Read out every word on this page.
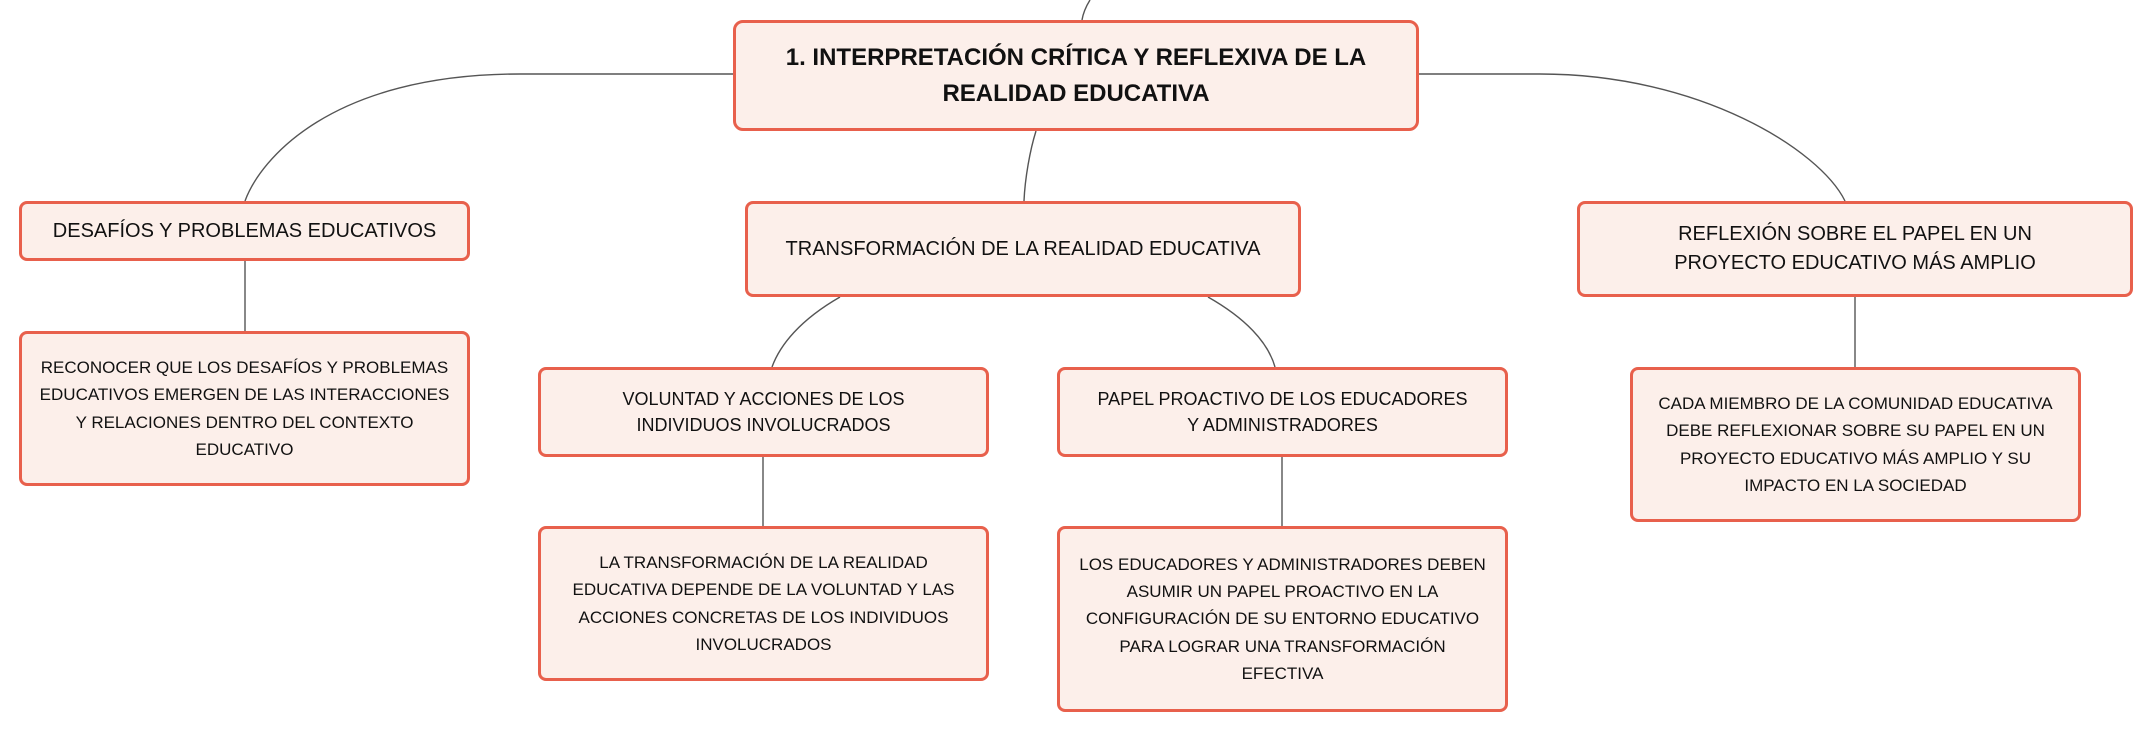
1. INTERPRETACIÓN CRÍTICA Y REFLEXIVA DE LA REALIDAD EDUCATIVA
DESAFÍOS Y PROBLEMAS EDUCATIVOS
RECONOCER QUE LOS DESAFÍOS Y PROBLEMAS EDUCATIVOS EMERGEN DE LAS INTERACCIONES Y RELACIONES DENTRO DEL CONTEXTO EDUCATIVO
TRANSFORMACIÓN DE LA REALIDAD EDUCATIVA
VOLUNTAD Y ACCIONES DE LOS INDIVIDUOS INVOLUCRADOS
LA TRANSFORMACIÓN DE LA REALIDAD EDUCATIVA DEPENDE DE LA VOLUNTAD Y LAS ACCIONES CONCRETAS DE LOS INDIVIDUOS INVOLUCRADOS
PAPEL PROACTIVO DE LOS EDUCADORES Y ADMINISTRADORES
LOS EDUCADORES Y ADMINISTRADORES DEBEN ASUMIR UN PAPEL PROACTIVO EN LA CONFIGURACIÓN DE SU ENTORNO EDUCATIVO PARA LOGRAR UNA TRANSFORMACIÓN EFECTIVA
REFLEXIÓN SOBRE EL PAPEL EN UN PROYECTO EDUCATIVO MÁS AMPLIO
CADA MIEMBRO DE LA COMUNIDAD EDUCATIVA DEBE REFLEXIONAR SOBRE SU PAPEL EN UN PROYECTO EDUCATIVO MÁS AMPLIO Y SU IMPACTO EN LA SOCIEDAD
